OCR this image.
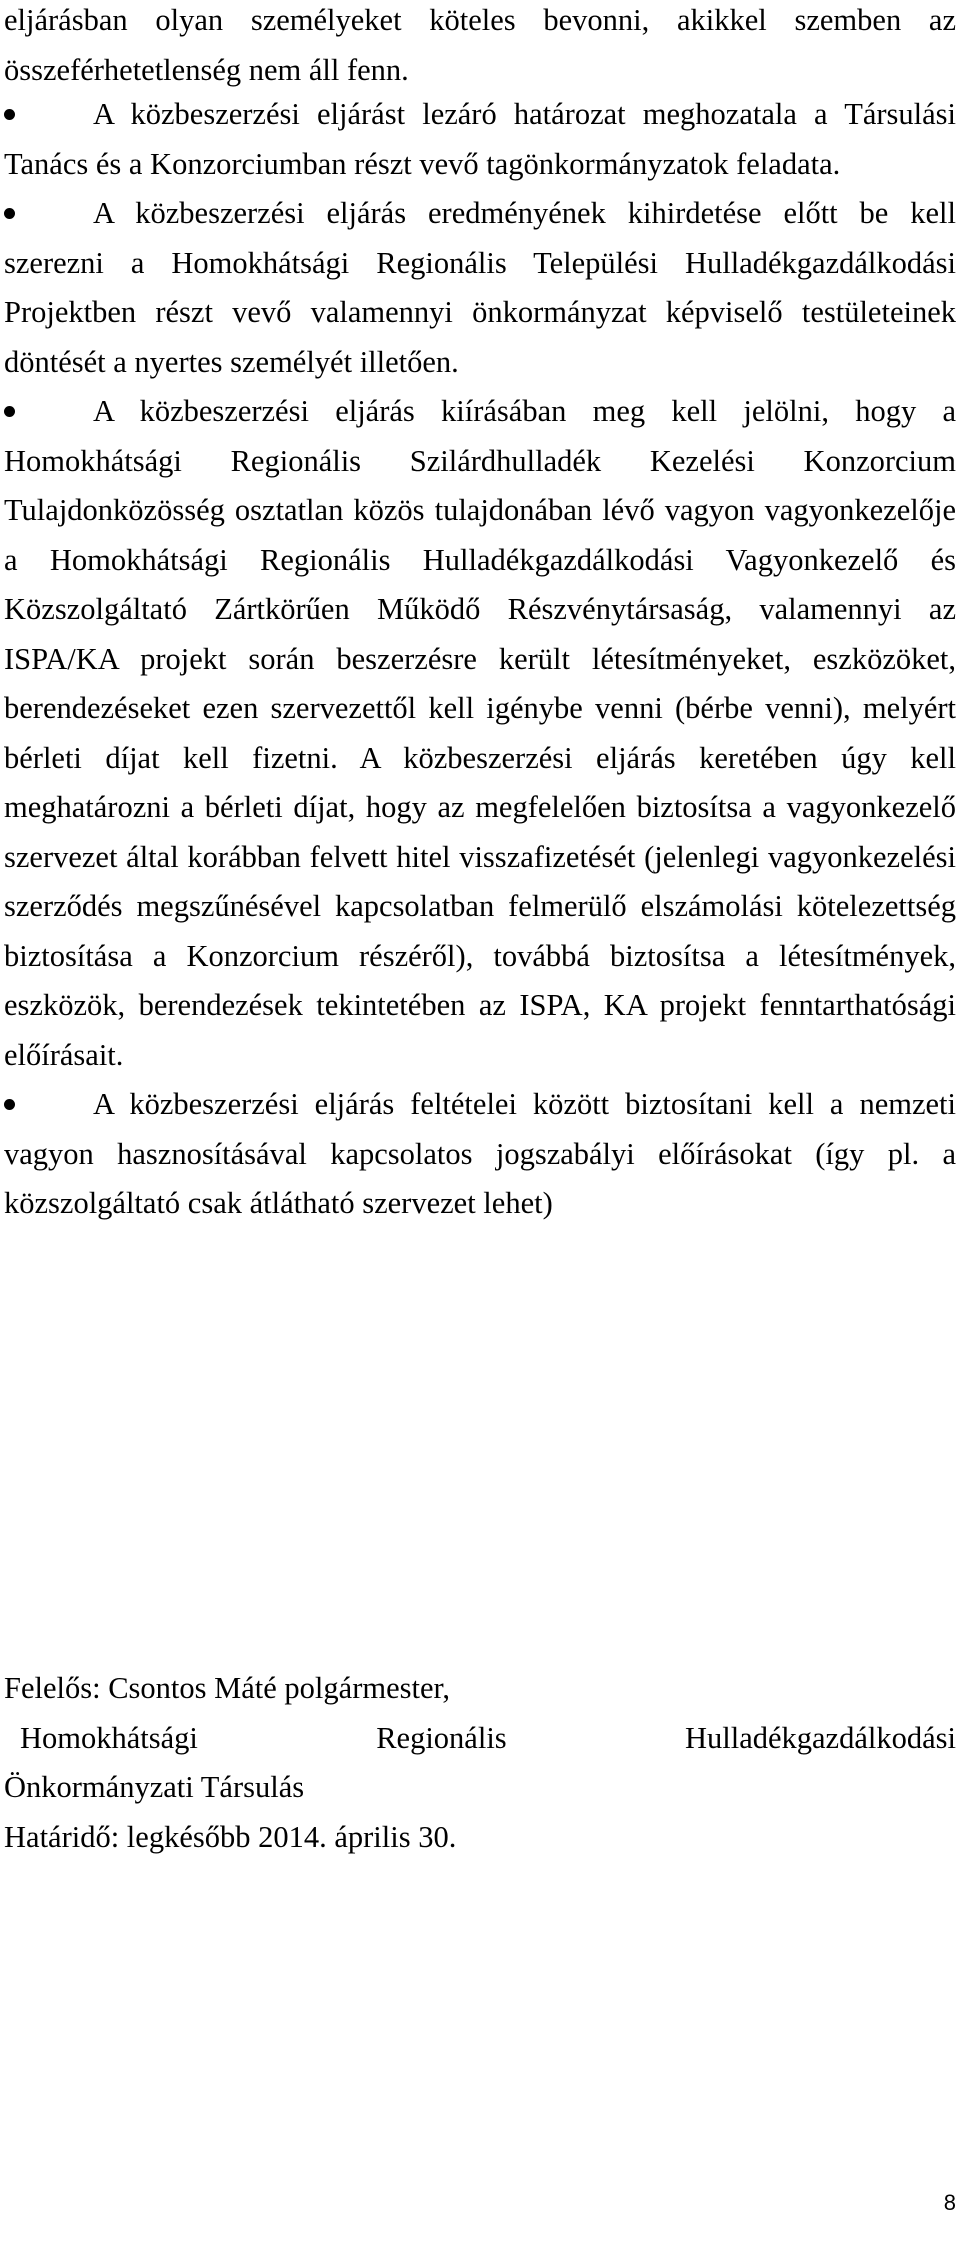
eljárásban olyan személyeket köteles bevonni, akikkel szemben az összeférhetetlenség nem áll fenn.

A közbeszerzési eljárást lezáró határozat meghozatala a Társulási Tanács és a Konzorciumban részt vevő tagönkormányzatok feladata.
A közbeszerzési eljárás eredményének kihirdetése előtt be kell szerezni a Homokhátsági Regionális Települési Hulladékgazdálkodási Projektben részt vevő valamennyi önkormányzat képviselő testületeinek döntését a nyertes személyét illetően.
A közbeszerzési eljárás kiírásában meg kell jelölni, hogy a Homokhátsági Regionális Szilárdhulladék Kezelési Konzorcium Tulajdonközösség osztatlan közös tulajdonában lévő vagyon vagyonkezelője a Homokhátsági Regionális Hulladékgazdálkodási Vagyonkezelő és Közszolgáltató Zártkörűen Működő Részvénytársaság, valamennyi az ISPA/KA projekt során beszerzésre került létesítményeket, eszközöket, berendezéseket ezen szervezettől kell igénybe venni (bérbe venni), melyért bérleti díjat kell fizetni. A közbeszerzési eljárás keretében úgy kell meghatározni a bérleti díjat, hogy az megfelelően biztosítsa a vagyonkezelő szervezet által korábban felvett hitel visszafizetését (jelenlegi vagyonkezelési szerződés megszűnésével kapcsolatban felmerülő elszámolási kötelezettség biztosítása a Konzorcium részéről), továbbá biztosítsa a létesítmények, eszközök, berendezések tekintetében az ISPA, KA projekt fenntarthatósági előírásait.
A közbeszerzési eljárás feltételei között biztosítani kell a nemzeti vagyon hasznosításával kapcsolatos jogszabályi előírásokat (így pl. a közszolgáltató csak átlátható szervezet lehet)
Felelős: Csontos Máté polgármester,
Homokhátsági	Regionális	Hulladékgazdálkodási
Önkormányzati Társulás
Határidő: legkésőbb 2014. április 30.
8
